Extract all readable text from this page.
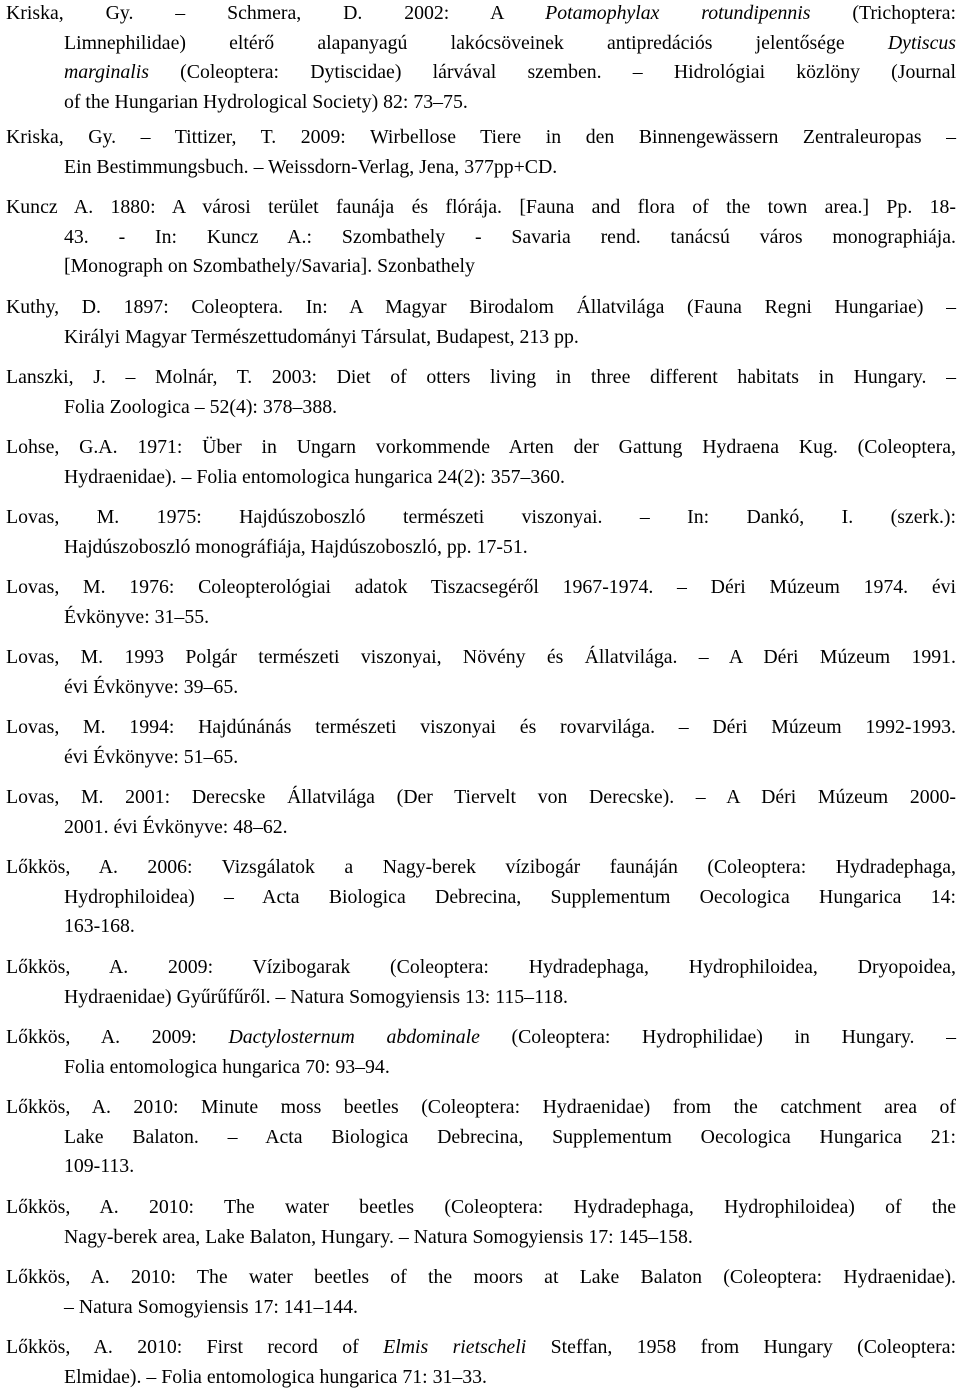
Kriska, Gy. – Schmera, D. 2002: A Potamophylax rotundipennis (Trichoptera:
Limnephilidae) eltérő alapanyagú lakócsöveinek antipredációs jelentősége Dytiscus
marginalis (Coleoptera: Dytiscidae) lárvával szemben. – Hidrológiai közlöny (Journal
of the Hungarian Hydrological Society) 82: 73–75.
Kriska, Gy. – Tittizer, T. 2009: Wirbellose Tiere in den Binnengewässern Zentraleuropas –
Ein Bestimmungsbuch. – Weissdorn-Verlag, Jena, 377pp+CD.
Kuncz A. 1880: A városi terület faunája és flórája. [Fauna and flora of the town area.] Pp. 18-
43. - In: Kuncz A.: Szombathely - Savaria rend. tanácsú város monographiája.
[Monograph on Szombathely/Savaria]. Szonbathely
Kuthy, D. 1897: Coleoptera. In: A Magyar Birodalom Állatvilága (Fauna Regni Hungariae) –
Királyi Magyar Természettudományi Társulat, Budapest, 213 pp.
Lanszki, J. – Molnár, T. 2003: Diet of otters living in three different habitats in Hungary. –
Folia Zoologica – 52(4): 378–388.
Lohse, G.A. 1971: Über in Ungarn vorkommende Arten der Gattung Hydraena Kug. (Coleoptera,
Hydraenidae). – Folia entomologica hungarica 24(2): 357–360.
Lovas, M. 1975: Hajdúszoboszló természeti viszonyai. – In: Dankó, I. (szerk.):
Hajdúszoboszló monográfiája, Hajdúszoboszló, pp. 17-51.
Lovas, M. 1976: Coleopterológiai adatok Tiszacsegéről 1967-1974. – Déri Múzeum 1974. évi
Évkönyve: 31–55.
Lovas, M. 1993 Polgár természeti viszonyai, Növény és Állatvilága. – A Déri Múzeum 1991.
évi Évkönyve: 39–65.
Lovas, M. 1994: Hajdúnánás természeti viszonyai és rovarvilága. – Déri Múzeum 1992-1993.
évi Évkönyve: 51–65.
Lovas, M. 2001: Derecske Állatvilága (Der Tiervelt von Derecske). – A Déri Múzeum 2000-
2001. évi Évkönyve: 48–62.
Lőkkös, A. 2006: Vizsgálatok a Nagy-berek vízibogár faunáján (Coleoptera: Hydradephaga,
Hydrophiloidea) – Acta Biologica Debrecina, Supplementum Oecologica Hungarica 14:
163-168.
Lőkkös, A. 2009: Vízibogarak (Coleoptera: Hydradephaga, Hydrophiloidea, Dryopoidea,
Hydraenidae) Gyűrűfűről. – Natura Somogyiensis 13: 115–118.
Lőkkös, A. 2009: Dactylosternum abdominale (Coleoptera: Hydrophilidae) in Hungary. –
Folia entomologica hungarica 70: 93–94.
Lőkkös, A. 2010: Minute moss beetles (Coleoptera: Hydraenidae) from the catchment area of
Lake Balaton. – Acta Biologica Debrecina, Supplementum Oecologica Hungarica 21:
109-113.
Lőkkös, A. 2010: The water beetles (Coleoptera: Hydradephaga, Hydrophiloidea) of the
Nagy-berek area, Lake Balaton, Hungary. – Natura Somogyiensis 17: 145–158.
Lőkkös, A. 2010: The water beetles of the moors at Lake Balaton (Coleoptera: Hydraenidae).
– Natura Somogyiensis 17: 141–144.
Lőkkös, A. 2010: First record of Elmis rietscheli Steffan, 1958 from Hungary (Coleoptera:
Elmidae). – Folia entomologica hungarica 71: 31–33.
